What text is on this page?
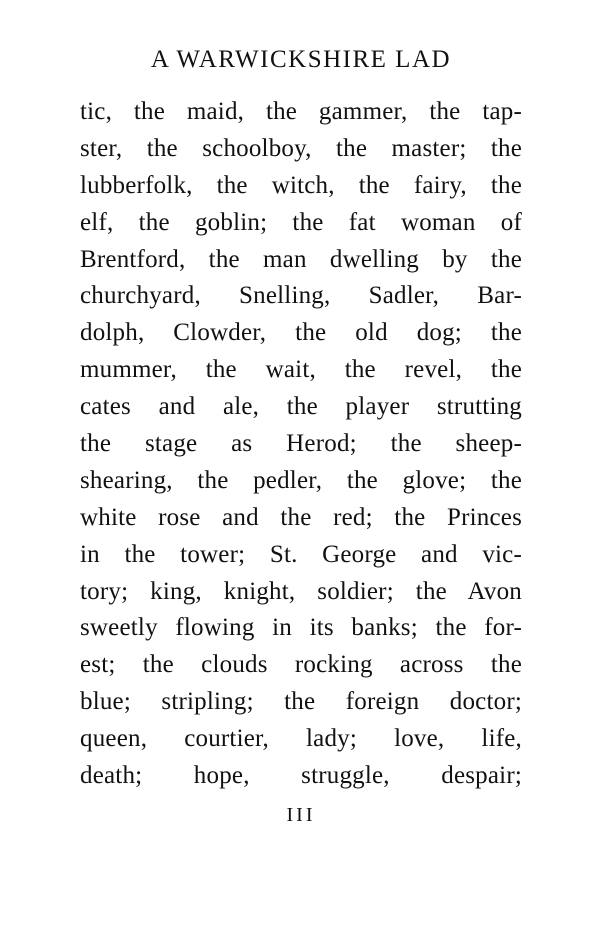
A WARWICKSHIRE LAD
tic, the maid, the gammer, the tap-
ster, the schoolboy, the master; the
lubberfolk, the witch, the fairy, the
elf, the goblin; the fat woman of
Brentford, the man dwelling by the
churchyard, Snelling, Sadler, Bar-
dolph, Clowder, the old dog; the
mummer, the wait, the revel, the
cates and ale, the player strutting
the stage as Herod; the sheep-
shearing, the pedler, the glove; the
white rose and the red; the Princes
in the tower; St. George and vic-
tory; king, knight, soldier; the Avon
sweetly flowing in its banks; the for-
est; the clouds rocking across the
blue; stripling; the foreign doctor;
queen, courtier, lady; love, life,
death; hope, struggle, despair;
III
